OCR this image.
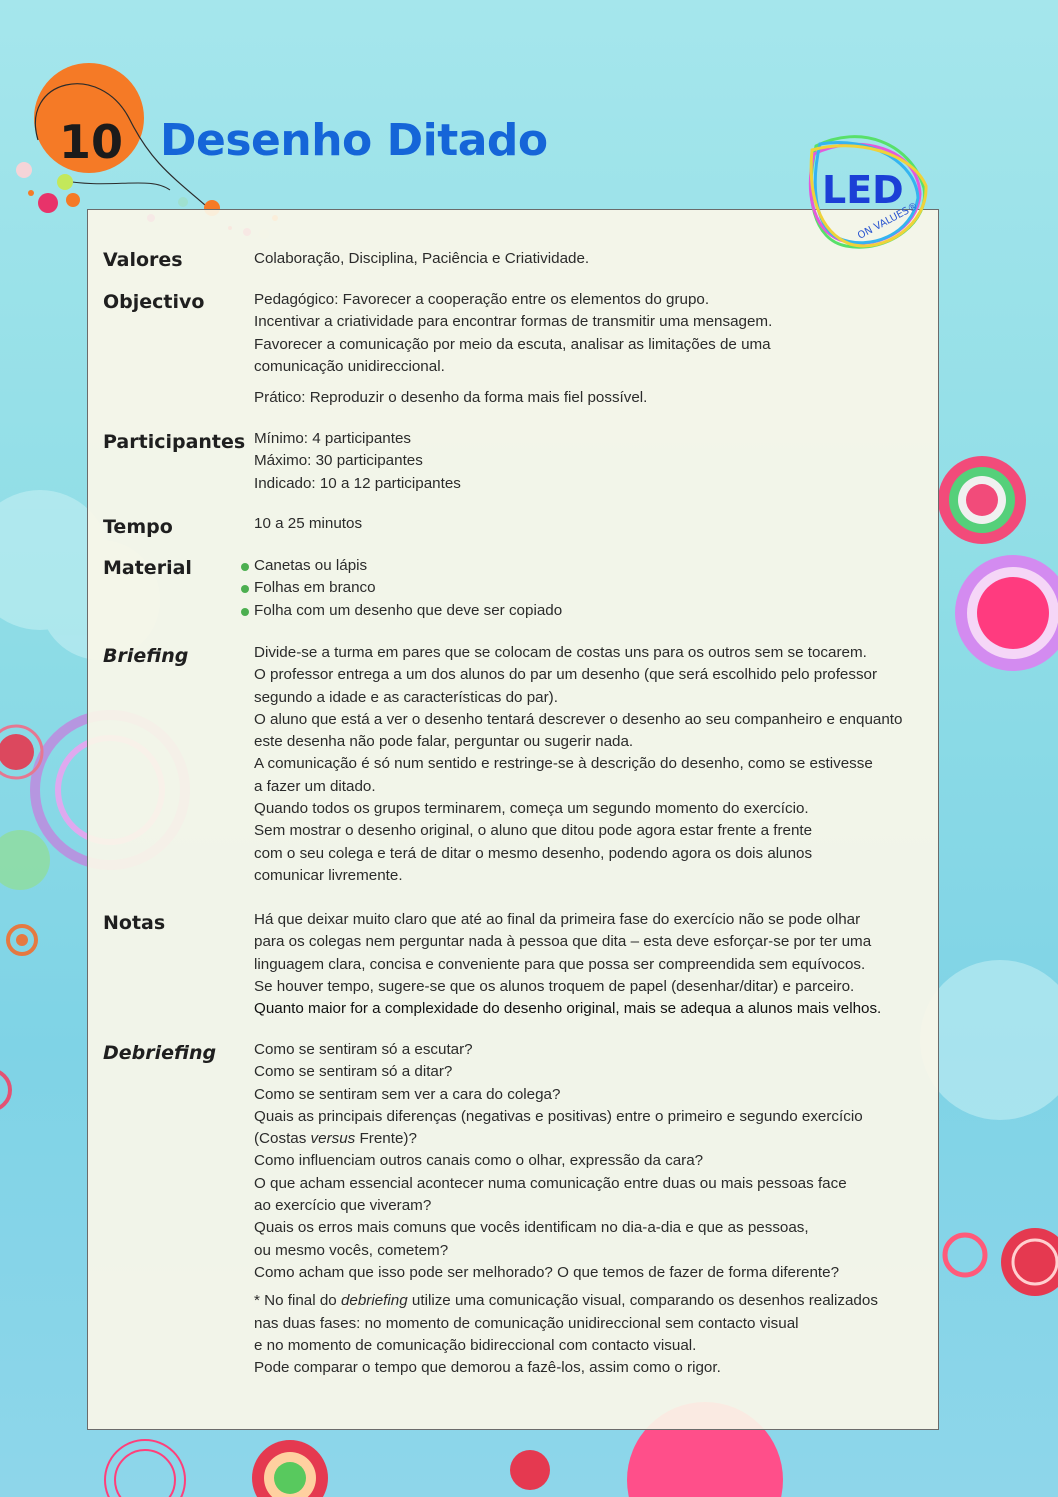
LED
ON VALUES®
10 Desenho Ditado
Valores	Colaboração, Disciplina, Paciência e Criatividade.

Objectivo	Pedagógico: Favorecer a cooperação entre os elementos do grupo.

Incentivar a criatividade para encontrar formas de transmitir uma mensagem.

Favorecer a comunicação por meio da escuta, analisar as limitações de uma

comunicação unidireccional.

Prático: Reproduzir o desenho da forma mais fiel possível.

Participantes Mínimo: 4 participantes

Máximo: 30 participantes

Indicado: 10 a 12 participantes

Tempo	10 a 25 minutos

Material	Canetas ou lápis

Folhas em branco

Folha com um desenho que deve ser copiado

Briefing	Divide-se a turma em pares que se colocam de costas uns para os outros sem se tocarem.

O professor entrega a um dos alunos do par um desenho (que será escolhido pelo professor

segundo a idade e as características do par).

O aluno que está a ver o desenho tentará descrever o desenho ao seu companheiro e enquanto

este desenha não pode falar, perguntar ou sugerir nada.

A comunicação é só num sentido e restringe-se à descrição do desenho, como se estivesse

a fazer um ditado.

Quando todos os grupos terminarem, começa um segundo momento do exercício.

Sem mostrar o desenho original, o aluno que ditou pode agora estar frente a frente

com o seu colega e terá de ditar o mesmo desenho, podendo agora os dois alunos

comunicar livremente.

Notas	Há que deixar muito claro que até ao final da primeira fase do exercício não se pode olhar

para os colegas nem perguntar nada à pessoa que dita – esta deve esforçar-se por ter uma

linguagem clara, concisa e conveniente para que possa ser compreendida sem equívocos.

Se houver tempo, sugere-se que os alunos troquem de papel (desenhar/ditar) e parceiro.

Quanto maior for a complexidade do desenho original, mais se adequa a alunos mais velhos.

Debriefing Como se sentiram só a escutar?

Como se sentiram só a ditar?

Como se sentiram sem ver a cara do colega?

Quais as principais diferenças (negativas e positivas) entre o primeiro e segundo exercício

(Costas versus Frente)?

Como influenciam outros canais como o olhar, expressão da cara?

O que acham essencial acontecer numa comunicação entre duas ou mais pessoas face

ao exercício que viveram?

Quais os erros mais comuns que vocês identificam no dia-a-dia e que as pessoas,

ou mesmo vocês, cometem?

Como acham que isso pode ser melhorado? O que temos de fazer de forma diferente?

* No final do debriefing utilize uma comunicação visual, comparando os desenhos realizados

nas duas fases: no momento de comunicação unidireccional sem contacto visual

e no momento de comunicação bidireccional com contacto visual.

Pode comparar o tempo que demorou a fazê-los, assim como o rigor.
